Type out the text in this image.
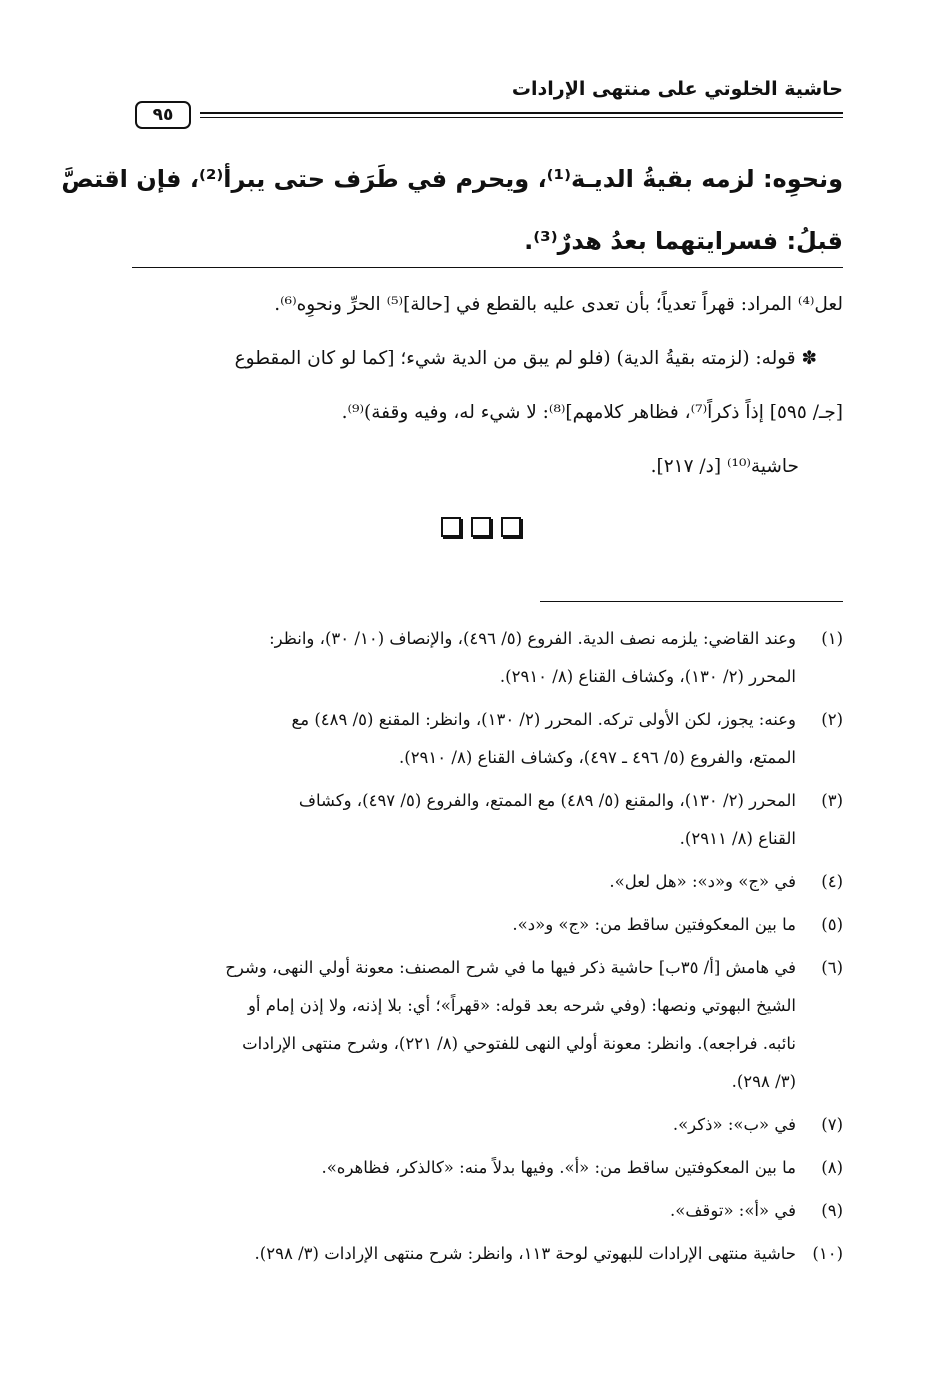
حاشية الخلوتي على منتهى الإرادات
٩٥
ونحوِه: لزمه بقيةُ الديـة⁽¹⁾، ويحرم في طَرَف حتى يبرأ⁽²⁾، فإن اقتصَّ
قبلُ: فسرايتهما بعدُ هدرٌ⁽³⁾.
لعل⁽⁴⁾ المراد: قهراً تعدياً؛ بأن تعدى عليه بالقطع في [حالة]⁽⁵⁾ الحرِّ ونحوِه⁽⁶⁾.
✽ قوله: (لزمته بقيةُ الدية) (فلو لم يبق من الدية شيء؛ [كما لو كان المقطوع
[جـ/ ٥٩٥] إذاً ذكراً⁽⁷⁾، فظاهر كلامهم]⁽⁸⁾: لا شيء له، وفيه وقفة)⁽⁹⁾.
حاشية⁽¹⁰⁾ [د/ ٢١٧].
(١)
وعند القاضي: يلزمه نصف الدية. الفروع (٥/ ٤٩٦)، والإنصاف (١٠/ ٣٠)، وانظر:
المحرر (٢/ ١٣٠)، وكشاف القناع (٨/ ٢٩١٠).
(٢)
وعنه: يجوز، لكن الأولى تركه. المحرر (٢/ ١٣٠)، وانظر: المقنع (٥/ ٤٨٩) مع
الممتع، والفروع (٥/ ٤٩٦ ـ ٤٩٧)، وكشاف القناع (٨/ ٢٩١٠).
(٣)
المحرر (٢/ ١٣٠)، والمقنع (٥/ ٤٨٩) مع الممتع، والفروع (٥/ ٤٩٧)، وكشاف
القناع (٨/ ٢٩١١).
(٤)
في «ج» و«د»: «هل لعل».
(٥)
ما بين المعكوفتين ساقط من: «ج» و«د».
(٦)
في هامش [أ/ ٣٥ب] حاشية ذكر فيها ما في شرح المصنف: معونة أولي النهى، وشرح
الشيخ البهوتي ونصها: (وفي شرحه بعد قوله: «قهراً»؛ أي: بلا إذنه، ولا إذن إمام أو
نائبه. فراجعه). وانظر: معونة أولي النهى للفتوحي (٨/ ٢٢١)، وشرح منتهى الإرادات
(٣/ ٢٩٨).
(٧)
في «ب»: «ذكر».
(٨)
ما بين المعكوفتين ساقط من: «أ». وفيها بدلاً منه: «كالذكر، فظاهره».
(٩)
في «أ»: «توقف».
(١٠)
حاشية منتهى الإرادات للبهوتي لوحة ١١٣، وانظر: شرح منتهى الإرادات (٣/ ٢٩٨).
